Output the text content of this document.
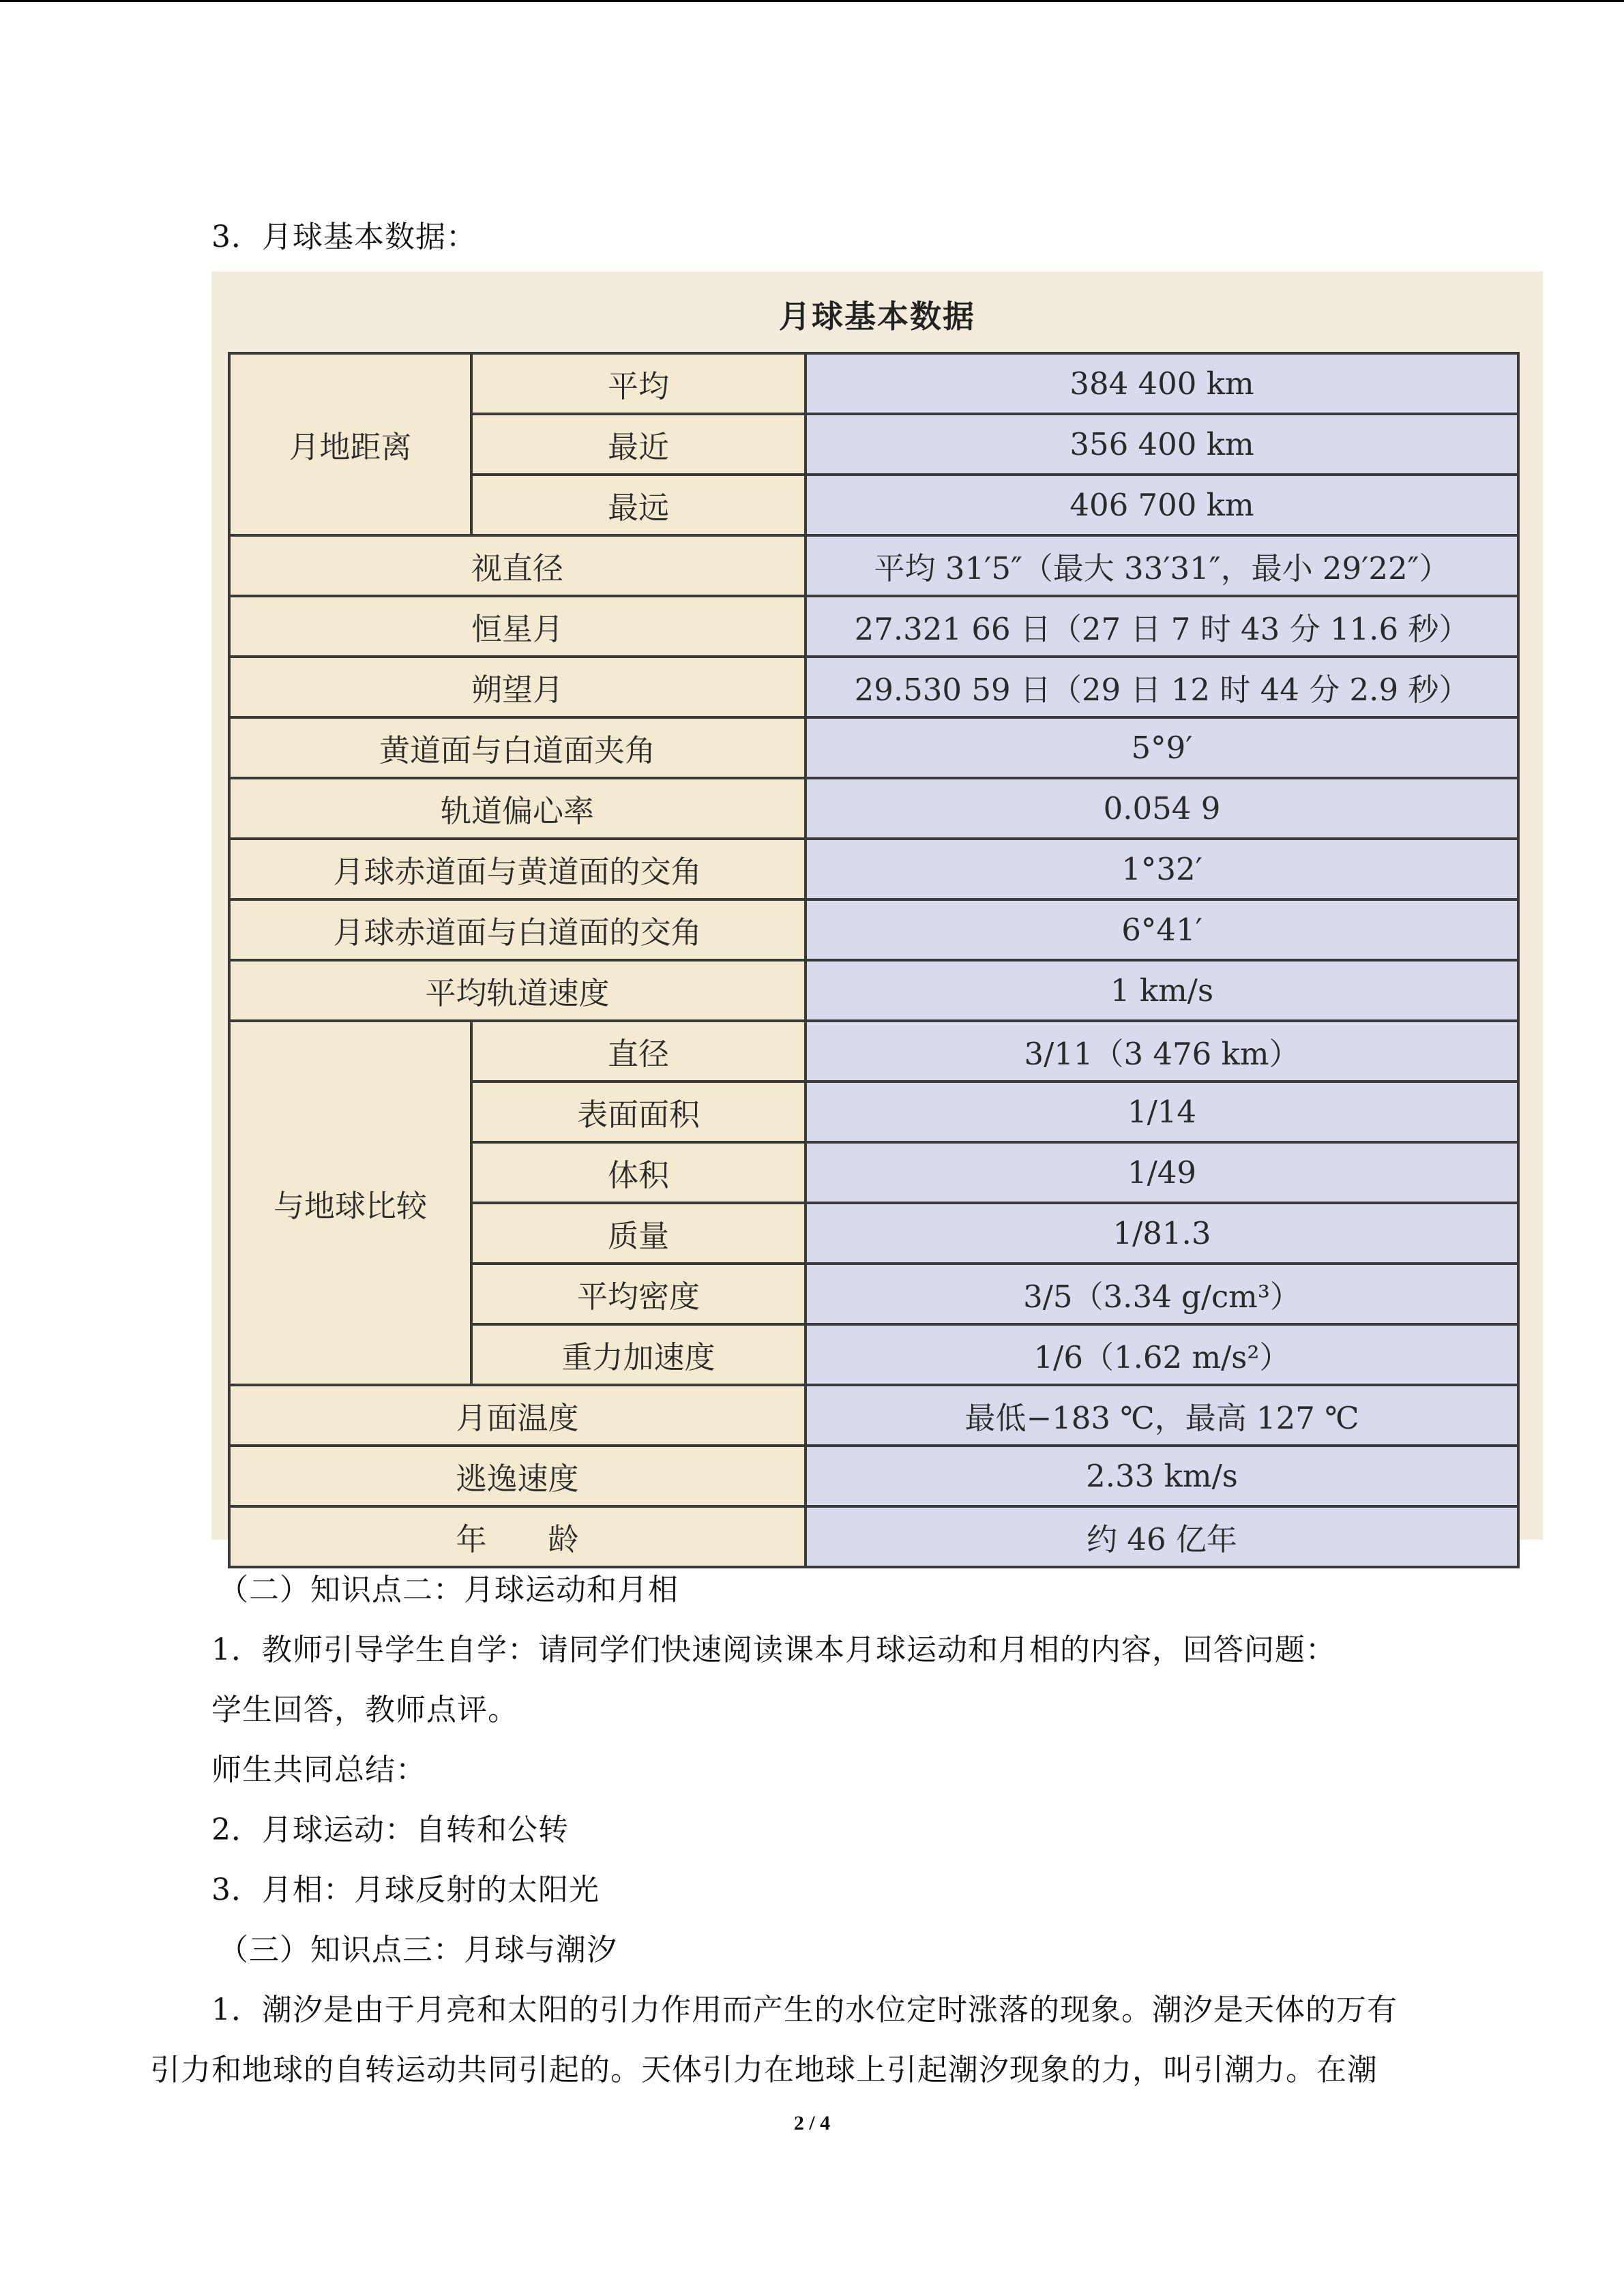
3．月球基本数据：
月球基本数据
月地距离	平均	384 400 km
	最近	356 400 km
	最远	406 700 km
视直径		平均 31′5″（最大 33′31″，最小 29′22″）
恒星月		27.321 66 日（27 日 7 时 43 分 11.6 秒）
朔望月		29.530 59 日（29 日 12 时 44 分 2.9 秒）
黄道面与白道面夹角		5°9′
轨道偏心率		0.054 9
月球赤道面与黄道面的交角		1°32′
月球赤道面与白道面的交角		6°41′
平均轨道速度		1 km/s
与地球比较	直径	3/11（3 476 km）
	表面面积	1/14
	体积	1/49
	质量	1/81.3
	平均密度	3/5（3.34 g/cm³）
	重力加速度	1/6（1.62 m/s²）
月面温度		最低−183 ℃，最高 127 ℃
逃逸速度		2.33 km/s
年　　龄		约 46 亿年
（二）知识点二：月球运动和月相
1．教师引导学生自学：请同学们快速阅读课本月球运动和月相的内容，回答问题：
学生回答，教师点评。
师生共同总结：
2．月球运动：自转和公转
3．月相：月球反射的太阳光
（三）知识点三：月球与潮汐
1．潮汐是由于月亮和太阳的引力作用而产生的水位定时涨落的现象。潮汐是天体的万有
引力和地球的自转运动共同引起的。天体引力在地球上引起潮汐现象的力，叫引潮力。在潮
2 / 4
